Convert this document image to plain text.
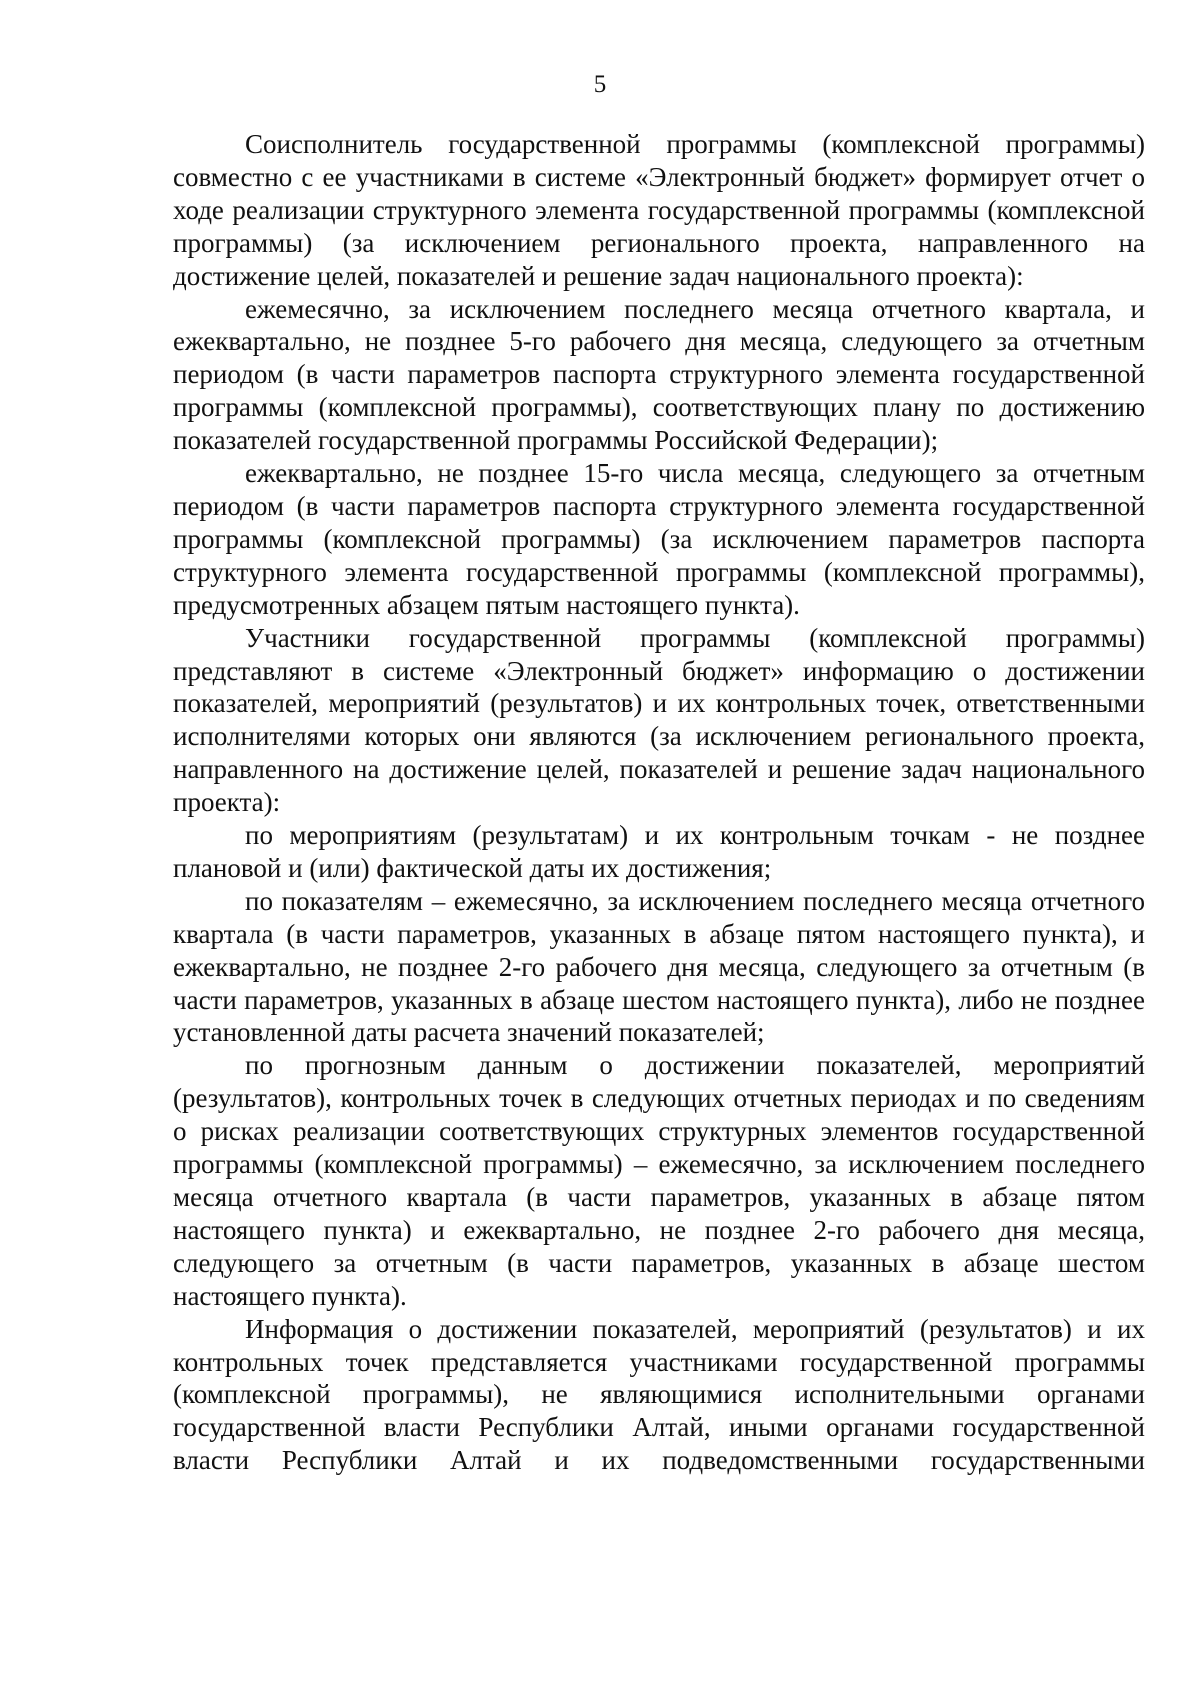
5

Соисполнитель государственной программы (комплексной программы) совместно с ее участниками в системе «Электронный бюджет» формирует отчет о ходе реализации структурного элемента государственной программы (комплексной программы) (за исключением регионального проекта, направленного на достижение целей, показателей и решение задач национального проекта):

ежемесячно, за исключением последнего месяца отчетного квартала, и ежеквартально, не позднее 5-го рабочего дня месяца, следующего за отчетным периодом (в части параметров паспорта структурного элемента государственной программы (комплексной программы), соответствующих плану по достижению показателей государственной программы Российской Федерации);

ежеквартально, не позднее 15-го числа месяца, следующего за отчетным периодом (в части параметров паспорта структурного элемента государственной программы (комплексной программы) (за исключением параметров паспорта структурного элемента государственной программы (комплексной программы), предусмотренных абзацем пятым настоящего пункта).

Участники государственной программы (комплексной программы) представляют в системе «Электронный бюджет» информацию о достижении показателей, мероприятий (результатов) и их контрольных точек, ответственными исполнителями которых они являются (за исключением регионального проекта, направленного на достижение целей, показателей и решение задач национального проекта):

по мероприятиям (результатам) и их контрольным точкам - не позднее плановой и (или) фактической даты их достижения;

по показателям – ежемесячно, за исключением последнего месяца отчетного квартала (в части параметров, указанных в абзаце пятом настоящего пункта), и ежеквартально, не позднее 2-го рабочего дня месяца, следующего за отчетным (в части параметров, указанных в абзаце шестом настоящего пункта), либо не позднее установленной даты расчета значений показателей;

по прогнозным данным о достижении показателей, мероприятий (результатов), контрольных точек в следующих отчетных периодах и по сведениям о рисках реализации соответствующих структурных элементов государственной программы (комплексной программы) – ежемесячно, за исключением последнего месяца отчетного квартала (в части параметров, указанных в абзаце пятом настоящего пункта) и ежеквартально, не позднее 2-го рабочего дня месяца, следующего за отчетным (в части параметров, указанных в абзаце шестом настоящего пункта).

Информация о достижении показателей, мероприятий (результатов) и их контрольных точек представляется участниками государственной программы (комплексной программы), не являющимися исполнительными органами государственной власти Республики Алтай, иными органами государственной власти Республики Алтай и их подведомственными государственными
